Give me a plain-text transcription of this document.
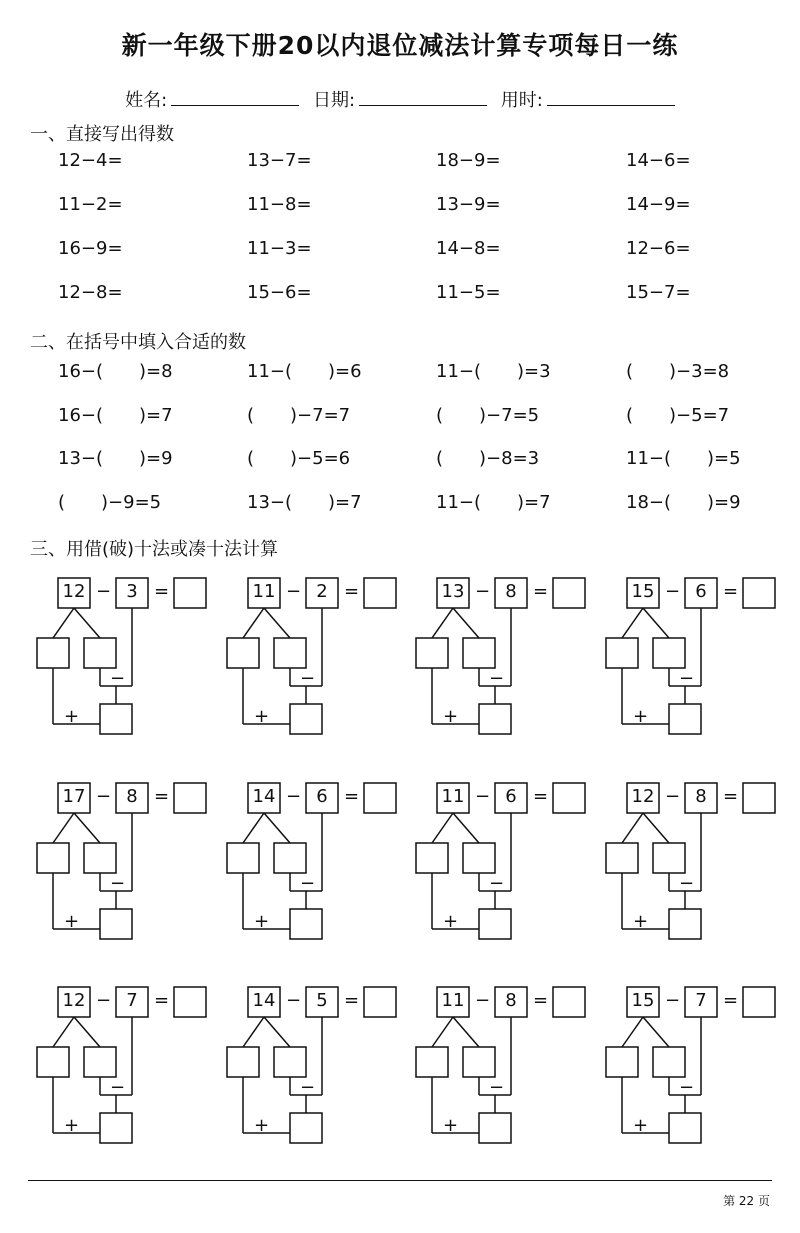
新一年级下册20以内退位减法计算专项每日一练
姓名:	日期:	用时:
一、直接写出得数
12−4=	13−7=	18−9=	14−6=
11−2=	11−8=	13−9=	14−9=
16−9=	11−3=	14−8=	12−6=
12−8=	15−6=	11−5=	15−7=
二、在括号中填入合适的数
16−(　　)=8	11−(　　)=6	11−(　　)=3	(　　)−3=8
16−(　　)=7	(　　)−7=7	(　　)−7=5	(　　)−5=7
13−(　　)=9	(　　)−5=6	(　　)−8=3	11−(　　)=5
(　　)−9=5	13−(　　)=7	11−(　　)=7	18−(　　)=9
三、用借(破)十法或凑十法计算
12 − 3 =
−
+
11 − 2 =
−
+
13 − 8 =
−
+
15 − 6 =
−
+
17 − 8 =
−
+
14 − 6 =
−
+
11 − 6 =
−
+
12 − 8 =
−
+
12 − 7 =
−
+
14 − 5 =
−
+
11 − 8 =
−
+
15 − 7 =
−
+
第 22 页
